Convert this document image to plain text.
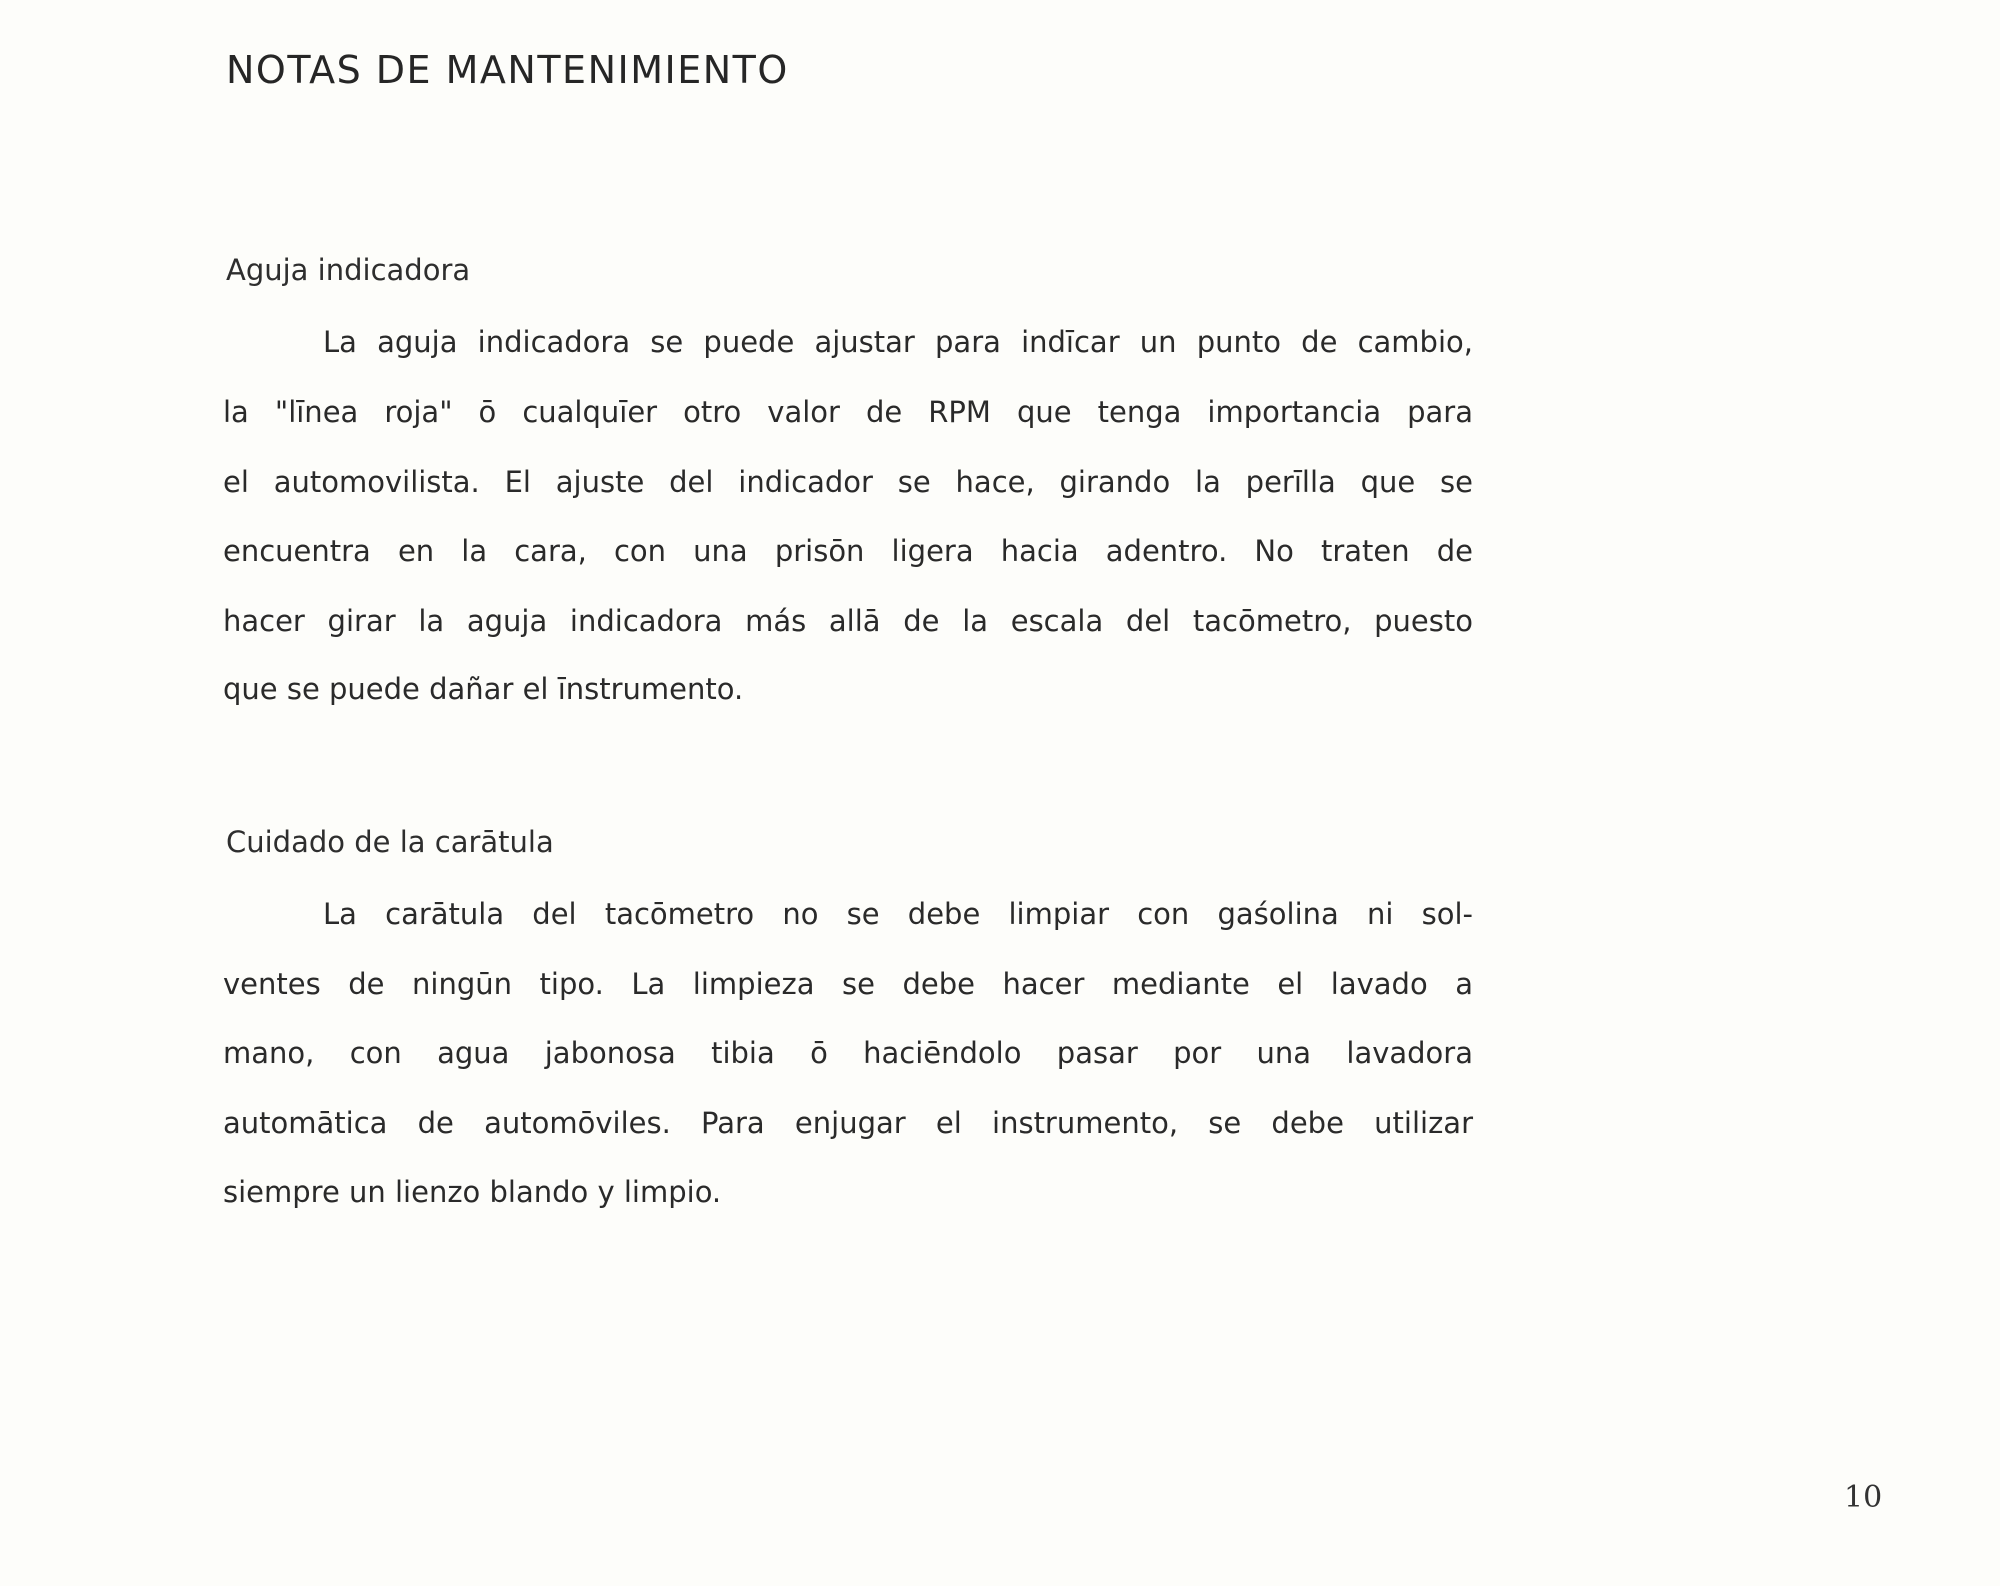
NOTAS DE MANTENIMIENTO
Aguja indicadora
La aguja indicadora se puede ajustar para indīcar un punto de cambio,
la "līnea roja" ō cualquīer otro valor de RPM que tenga importancia para
el automovilista. El ajuste del indicador se hace, girando la perīlla que se
encuentra en la cara, con una prisōn ligera hacia adentro. No traten de
hacer girar la aguja indicadora más allā de la escala del tacōmetro, puesto
que se puede dañar el īnstrumento.
Cuidado de la carātula
La carātula del tacōmetro no se debe limpiar con gaśolina ni sol-
ventes de ningūn tipo. La limpieza se debe hacer mediante el lavado a
mano, con agua jabonosa tibia ō haciēndolo pasar por una lavadora
automātica de automōviles. Para enjugar el instrumento, se debe utilizar
siempre un lienzo blando y limpio.
10
